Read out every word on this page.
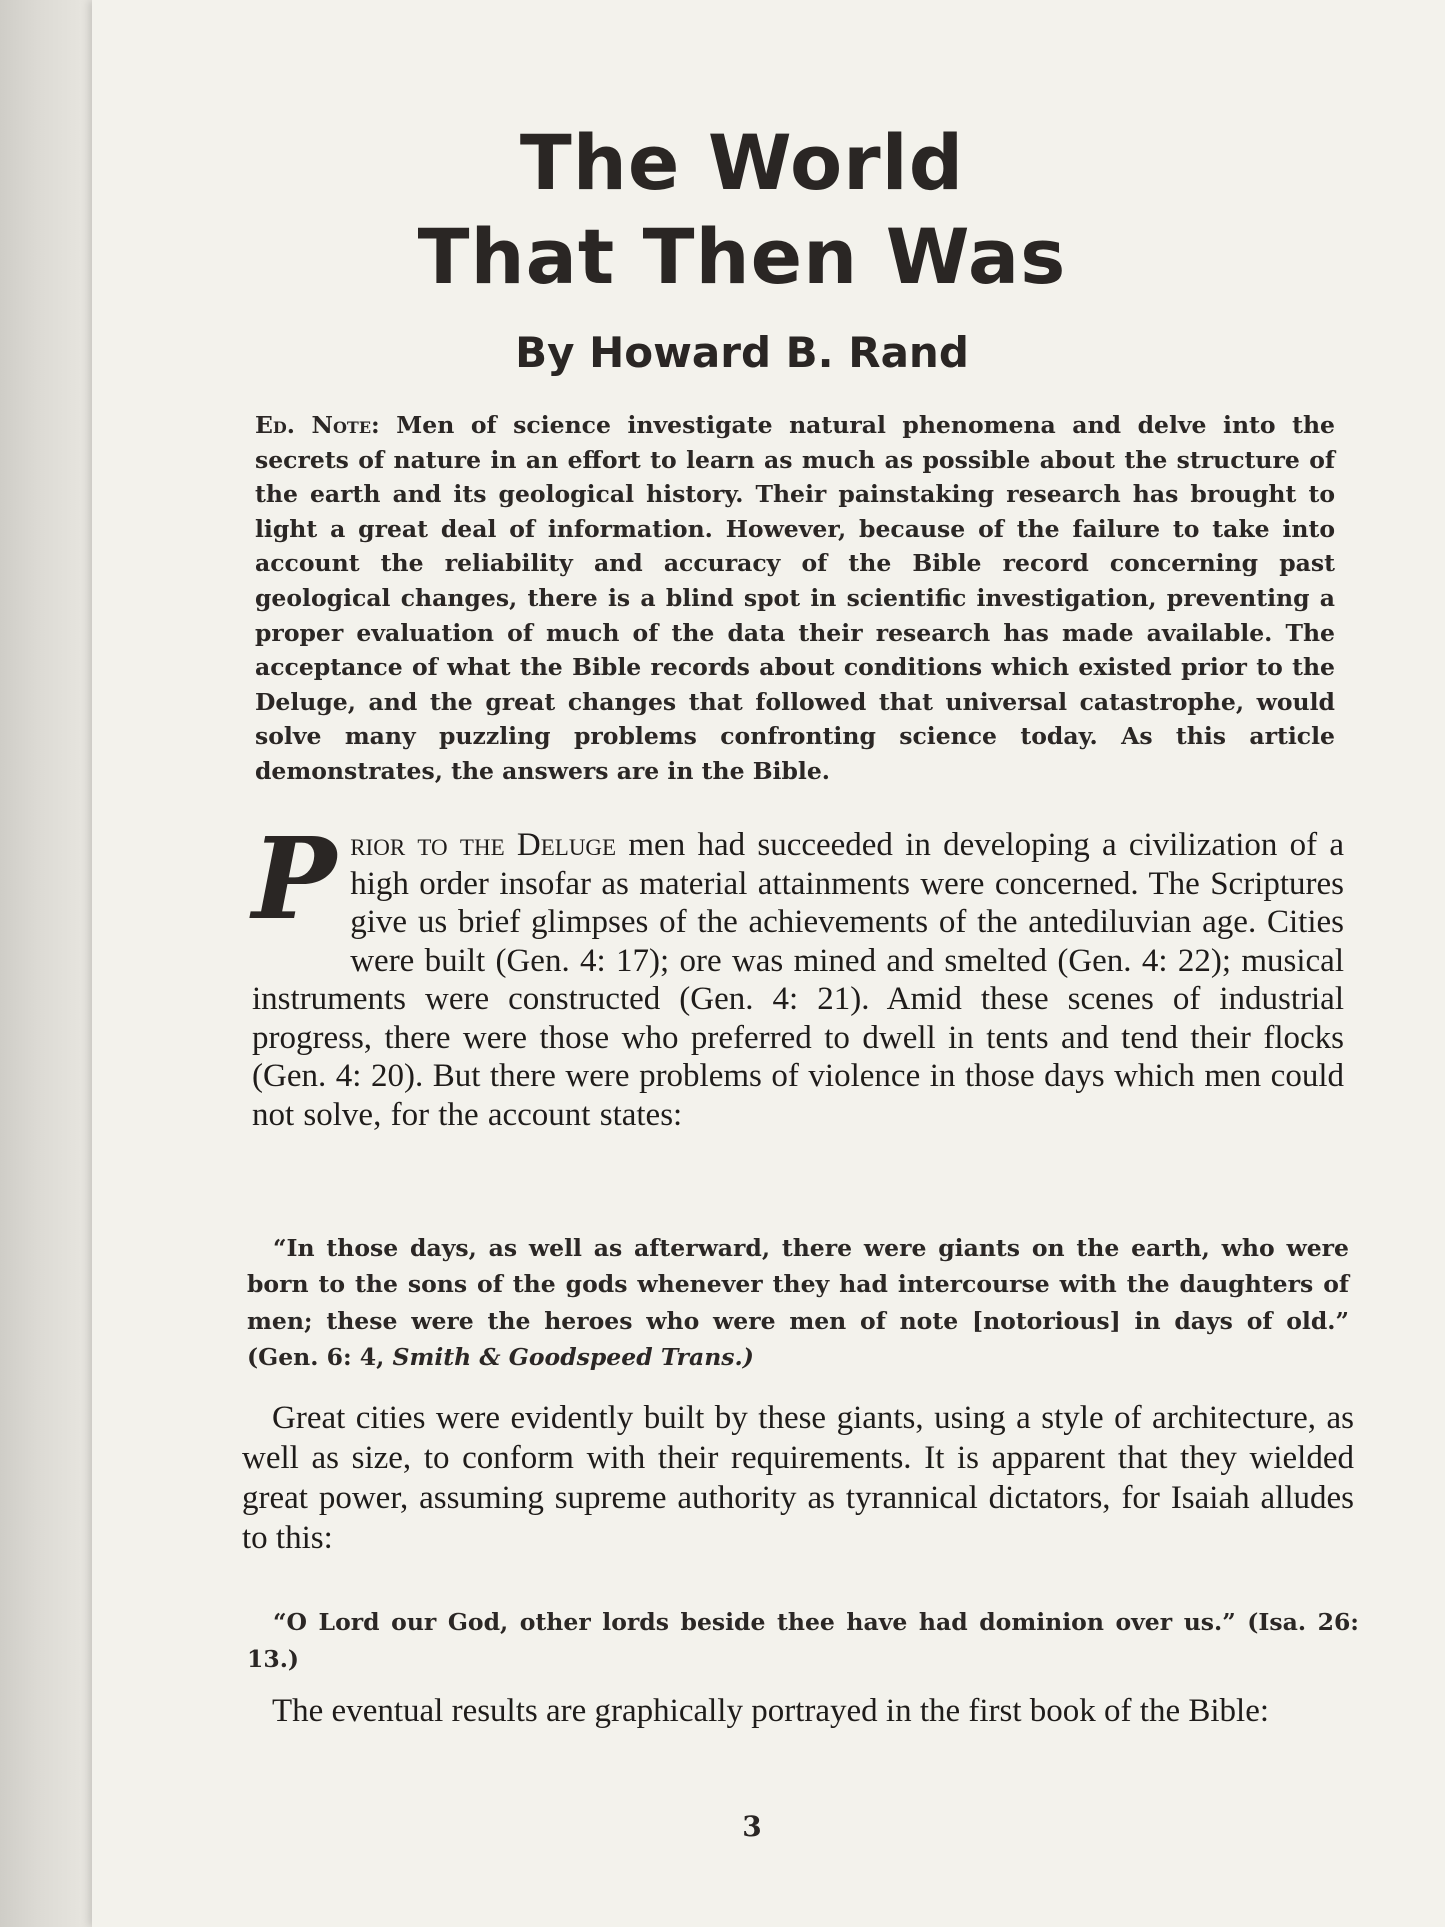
The World
That Then Was
By Howard B. Rand
Ed. Note: Men of science investigate natural phenomena and delve into the secrets of nature in an effort to learn as much as possible about the structure of the earth and its geological history. Their painstaking research has brought to light a great deal of information. However, because of the failure to take into account the reliability and accuracy of the Bible record concerning past geological changes, there is a blind spot in scientific investigation, preventing a proper evaluation of much of the data their research has made available. The acceptance of what the Bible records about conditions which existed prior to the Deluge, and the great changes that followed that universal catastrophe, would solve many puzzling problems confronting science today. As this article demonstrates, the answers are in the Bible.
P rior to the Deluge men had succeeded in developing a civilization of a high order insofar as material attainments were concerned. The Scriptures give us brief glimpses of the achievements of the antediluvian age. Cities were built (Gen. 4: 17); ore was mined and smelted (Gen. 4: 22); musical instruments were constructed (Gen. 4: 21). Amid these scenes of industrial progress, there were those who preferred to dwell in tents and tend their flocks (Gen. 4: 20). But there were problems of violence in those days which men could not solve, for the account states:
“In those days, as well as afterward, there were giants on the earth, who were born to the sons of the gods whenever they had intercourse with the daughters of men; these were the heroes who were men of note [notorious] in days of old.” (Gen. 6: 4, Smith & Goodspeed Trans.)
Great cities were evidently built by these giants, using a style of architecture, as well as size, to conform with their requirements. It is apparent that they wielded great power, assuming supreme authority as tyrannical dictators, for Isaiah alludes to this:
“O Lord our God, other lords beside thee have had dominion over us.” (Isa. 26: 13.)
The eventual results are graphically portrayed in the first book of the Bible:
3
